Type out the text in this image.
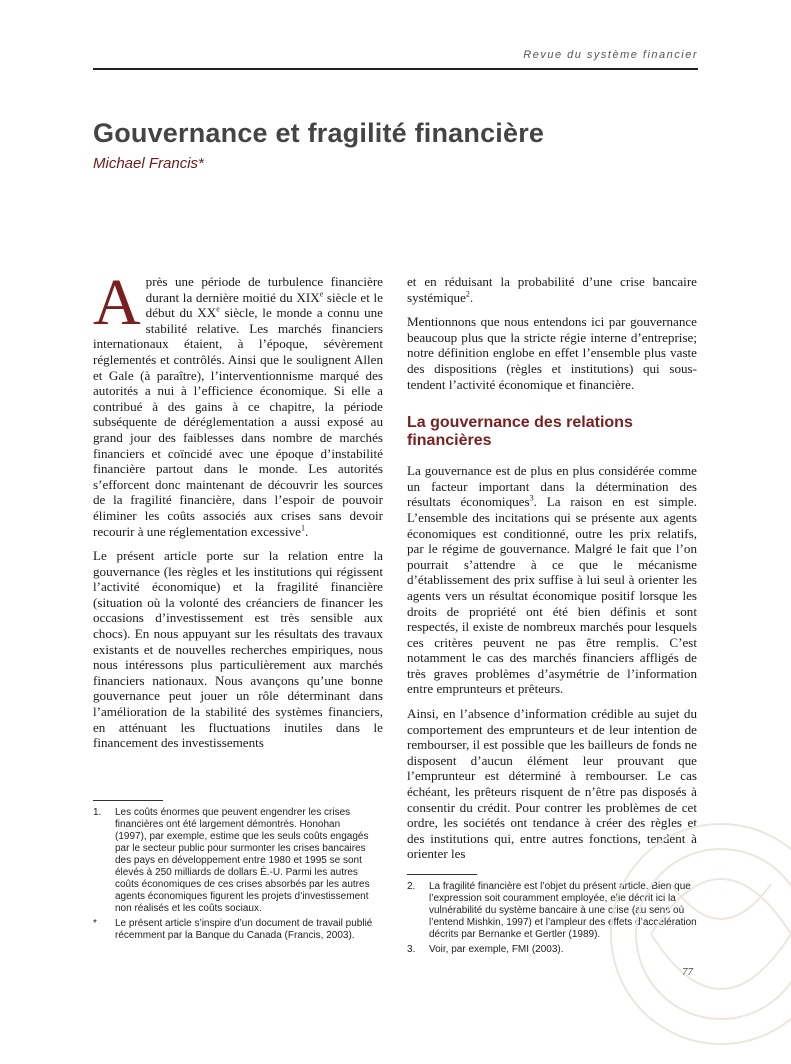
Revue du système financier
Gouvernance et fragilité financière
Michael Francis*

Après une période de turbulence financière durant la dernière moitié du XIXe siècle et le début du XXe siècle, le monde a connu une stabilité relative. Les marchés financiers internationaux étaient, à l’époque, sévèrement réglementés et contrôlés. Ainsi que le soulignent Allen et Gale (à paraître), l’interventionnisme marqué des autorités a nui à l’efficience économique. Si elle a contribué à des gains à ce chapitre, la période subséquente de déréglementation a aussi exposé au grand jour des faiblesses dans nombre de marchés financiers et coïncidé avec une époque d’instabilité financière partout dans le monde. Les autorités s’efforcent donc maintenant de découvrir les sources de la fragilité financière, dans l’espoir de pouvoir éliminer les coûts associés aux crises sans devoir recourir à une réglementation excessive$^1$.

Le présent article porte sur la relation entre la gouvernance (les règles et les institutions qui régissent l’activité économique) et la fragilité financière (situation où la volonté des créanciers de financer les occasions d’investissement est très sensible aux chocs). En nous appuyant sur les résultats des travaux existants et de nouvelles recherches empiriques, nous nous intéressons plus particulièrement aux marchés financiers nationaux. Nous avançons qu’une bonne gouvernance peut jouer un rôle déterminant dans l’amélioration de la stabilité des systèmes financiers, en atténuant les fluctuations inutiles dans le financement des investissements

et en réduisant la probabilité d’une crise bancaire systémique$^2$.

Mentionnons que nous entendons ici par gouvernance beaucoup plus que la stricte régie interne d’entreprise; notre définition englobe en effet l’ensemble plus vaste des dispositions (règles et institutions) qui sous-tendent l’activité économique et financière.

La gouvernance des relations financières

La gouvernance est de plus en plus considérée comme un facteur important dans la détermination des résultats économiques$^3$. La raison en est simple. L’ensemble des incitations qui se présente aux agents économiques est conditionné, outre les prix relatifs, par le régime de gouvernance. Malgré le fait que l’on pourrait s’attendre à ce que le mécanisme d’établissement des prix suffise à lui seul à orienter les agents vers un résultat économique positif lorsque les droits de propriété ont été bien définis et sont respectés, il existe de nombreux marchés pour lesquels ces critères peuvent ne pas être remplis. C’est notamment le cas des marchés financiers affligés de très graves problèmes d’asymétrie de l’information entre emprunteurs et prêteurs.

Ainsi, en l’absence d’information crédible au sujet du comportement des emprunteurs et de leur intention de rembourser, il est possible que les bailleurs de fonds ne disposent d’aucun élément leur prouvant que l’emprunteur est déterminé à rembourser. Le cas échéant, les prêteurs risquent de n’être pas disposés à consentir du crédit. Pour contrer les problèmes de cet ordre, les sociétés ont tendance à créer des règles et des institutions qui, entre autres fonctions, tendent à orienter les

1. Les coûts énormes que peuvent engendrer les crises financières ont été largement démontrés. Honohan (1997), par exemple, estime que les seuls coûts engagés par le secteur public pour surmonter les crises bancaires des pays en développement entre 1980 et 1995 se sont élevés à 250 milliards de dollars É.-U. Parmi les autres coûts économiques de ces crises absorbés par les autres agents économiques figurent les projets d’investissement non réalisés et les coûts sociaux.
* Le présent article s’inspire d’un document de travail publié récemment par la Banque du Canada (Francis, 2003).
2. La fragilité financière est l’objet du présent article. Bien que l’expression soit couramment employée, elle décrit ici la vulnérabilité du système bancaire à une crise (au sens où l’entend Mishkin, 1997) et l’ampleur des effets d’accélération décrits par Bernanke et Gertler (1989).
3. Voir, par exemple, FMI (2003).
77
